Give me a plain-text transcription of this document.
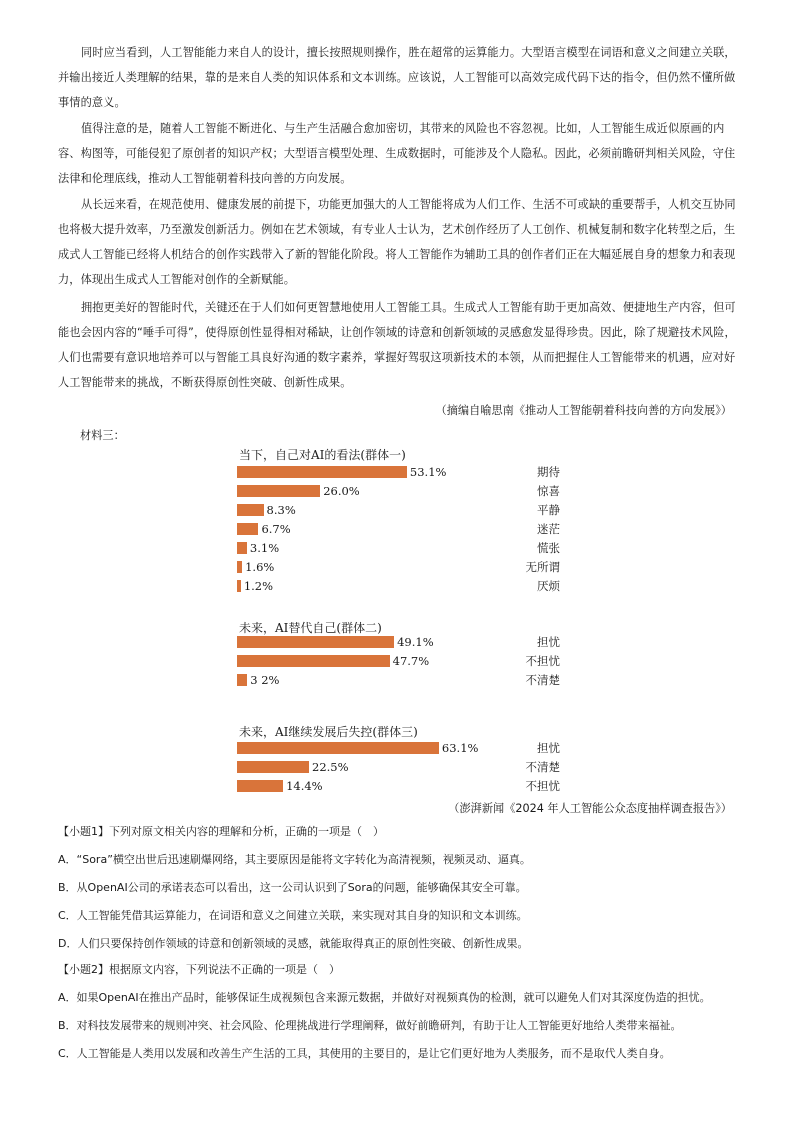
同时应当看到，人工智能能力来自人的设计，擅长按照规则操作，胜在超常的运算能力。大型语言模型在词语和意义之间建立关联，并输出接近人类理解的结果，靠的是来自人类的知识体系和文本训练。应该说，人工智能可以高效完成代码下达的指令，但仍然不懂所做事情的意义。

值得注意的是，随着人工智能不断进化、与生产生活融合愈加密切，其带来的风险也不容忽视。比如，人工智能生成近似原画的内容、构图等，可能侵犯了原创者的知识产权；大型语言模型处理、生成数据时，可能涉及个人隐私。因此，必须前瞻研判相关风险，守住法律和伦理底线，推动人工智能朝着科技向善的方向发展。

从长远来看，在规范使用、健康发展的前提下，功能更加强大的人工智能将成为人们工作、生活不可或缺的重要帮手，人机交互协同也将极大提升效率，乃至激发创新活力。例如在艺术领域，有专业人士认为，艺术创作经历了人工创作、机械复制和数字化转型之后，生成式人工智能已经将人机结合的创作实践带入了新的智能化阶段。将人工智能作为辅助工具的创作者们正在大幅延展自身的想象力和表现力，体现出生成式人工智能对创作的全新赋能。

拥抱更美好的智能时代，关键还在于人们如何更智慧地使用人工智能工具。生成式人工智能有助于更加高效、便捷地生产内容，但可能也会因内容的“唾手可得”，使得原创性显得相对稀缺，让创作领域的诗意和创新领域的灵感愈发显得珍贵。因此，除了规避技术风险，人们也需要有意识地培养可以与智能工具良好沟通的数字素养，掌握好驾驭这项新技术的本领，从而把握住人工智能带来的机遇，应对好人工智能带来的挑战，不断获得原创性突破、创新性成果。

（摘编自喻思南《推动人工智能朝着科技向善的方向发展》）
材料三：
当下，自己对AI的看法(群体一)
53.1%	期待
26.0%	惊喜
8.3%	平静
6.7%	迷茫
3.1%	慌张
1.6%	无所谓
1.2%	厌烦
未来，AI替代自己(群体二)
49.1%	担忧
47.7%	不担忧
3 2%	不清楚
未来，AI继续发展后失控(群体三)
63.1%	担忧
22.5%	不清楚
14.4%	不担忧
（澎湃新闻《2024 年人工智能公众态度抽样调查报告》）
【小题1】下列对原文相关内容的理解和分析，正确的一项是（　）
A．“Sora”横空出世后迅速刷爆网络，其主要原因是能将文字转化为高清视频，视频灵动、逼真。
B．从OpenAI公司的承诺表态可以看出，这一公司认识到了Sora的问题，能够确保其安全可靠。
C．人工智能凭借其运算能力，在词语和意义之间建立关联，来实现对其自身的知识和文本训练。
D．人们只要保持创作领域的诗意和创新领域的灵感，就能取得真正的原创性突破、创新性成果。
【小题2】根据原文内容，下列说法不正确的一项是（　）
A．如果OpenAI在推出产品时，能够保证生成视频包含来源元数据，并做好对视频真伪的检测，就可以避免人们对其深度伪造的担忧。
B．对科技发展带来的规则冲突、社会风险、伦理挑战进行学理阐释，做好前瞻研判，有助于让人工智能更好地给人类带来福祉。
C．人工智能是人类用以发展和改善生产生活的工具，其使用的主要目的，是让它们更好地为人类服务，而不是取代人类自身。
